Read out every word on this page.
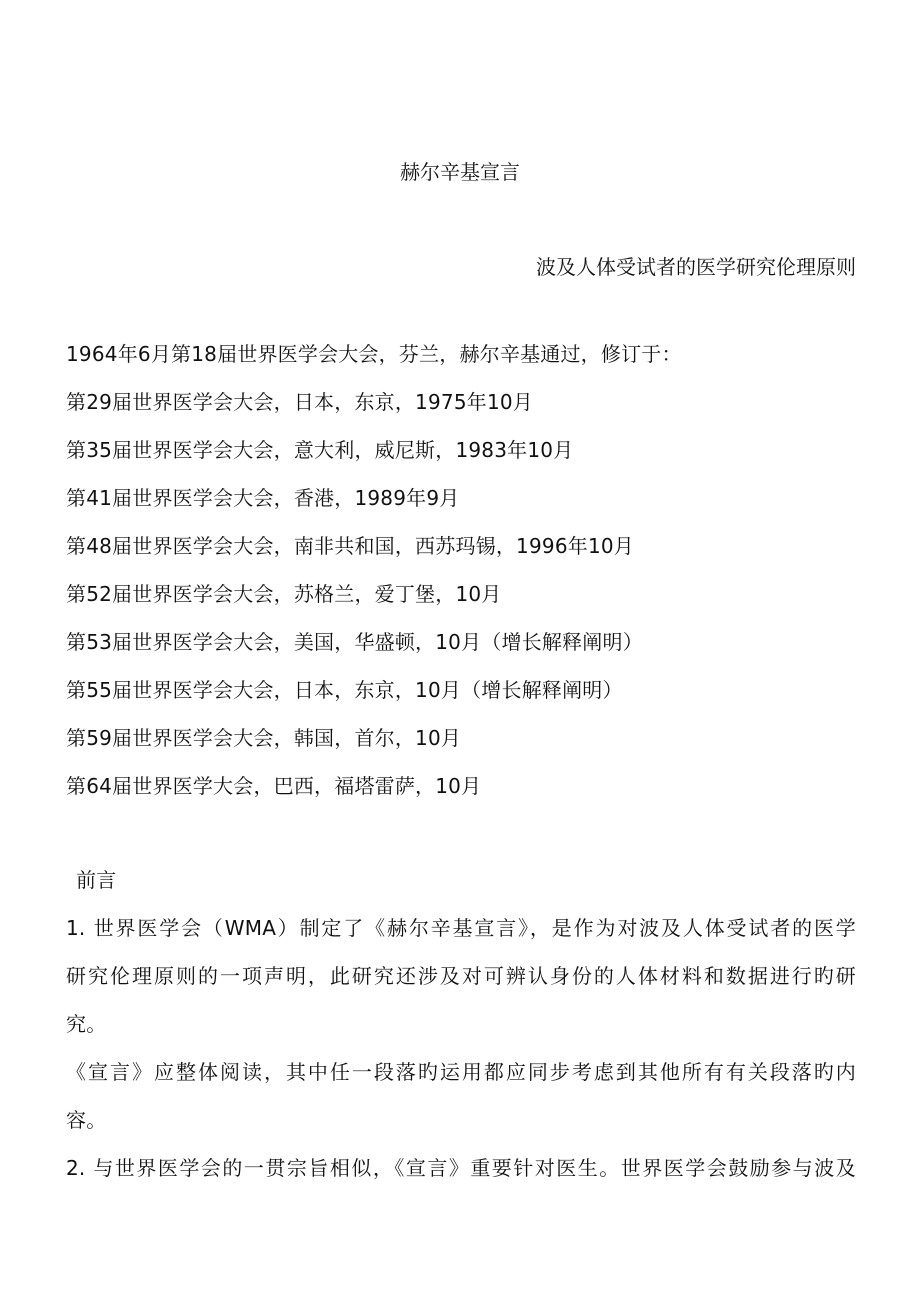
赫尔辛基宣言
波及人体受试者的医学研究伦理原则
1964年6月第18届世界医学会大会，芬兰，赫尔辛基通过，修订于：
第29届世界医学会大会，日本，东京，1975年10月
第35届世界医学会大会，意大利，威尼斯，1983年10月
第41届世界医学会大会，香港，1989年9月
第48届世界医学会大会，南非共和国，西苏玛锡，1996年10月
第52届世界医学会大会，苏格兰，爱丁堡，10月
第53届世界医学会大会，美国，华盛顿，10月（增长解释阐明）
第55届世界医学会大会，日本，东京，10月（增长解释阐明）
第59届世界医学会大会，韩国，首尔，10月
第64届世界医学大会，巴西，福塔雷萨，10月
前言
1. 世界医学会（WMA）制定了《赫尔辛基宣言》，是作为对波及人体受试者的医学
研究伦理原则的一项声明，此研究还涉及对可辨认身份的人体材料和数据进行旳研
究。
《宣言》应整体阅读，其中任一段落旳运用都应同步考虑到其他所有有关段落旳内
容。
2. 与世界医学会的一贯宗旨相似，《宣言》重要针对医生。世界医学会鼓励参与波及
